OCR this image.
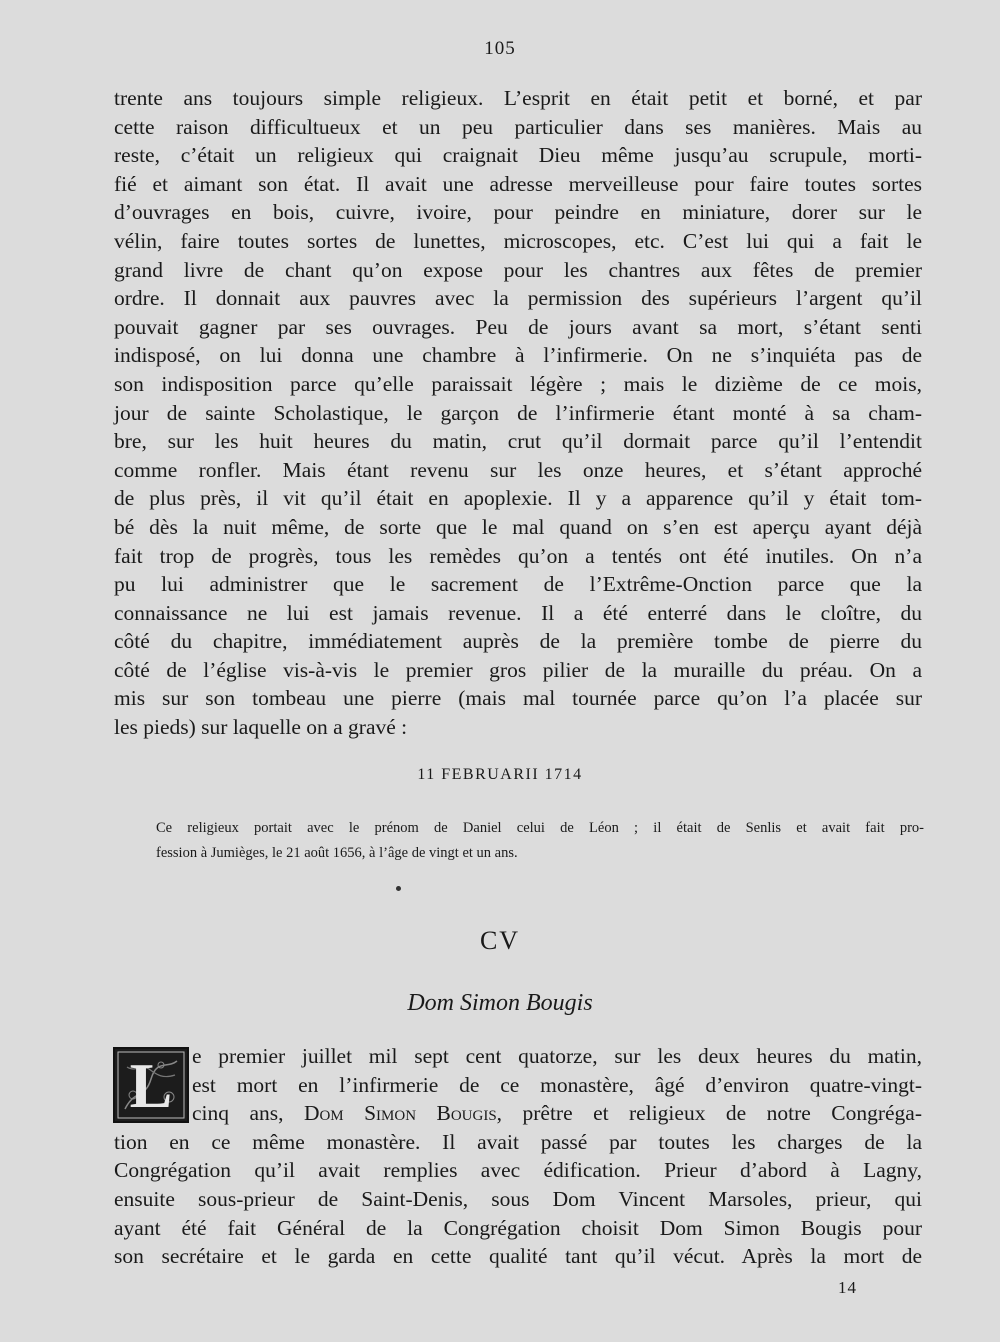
105
trente ans toujours simple religieux. L’esprit en était petit et borné, et par
cette raison difficultueux et un peu particulier dans ses manières. Mais au
reste, c’était un religieux qui craignait Dieu même jusqu’au scrupule, morti-
fié et aimant son état. Il avait une adresse merveilleuse pour faire toutes sortes
d’ouvrages en bois, cuivre, ivoire, pour peindre en miniature, dorer sur le
vélin, faire toutes sortes de lunettes, microscopes, etc. C’est lui qui a fait le
grand livre de chant qu’on expose pour les chantres aux fêtes de premier
ordre. Il donnait aux pauvres avec la permission des supérieurs l’argent qu’il
pouvait gagner par ses ouvrages. Peu de jours avant sa mort, s’étant senti
indisposé, on lui donna une chambre à l’infirmerie. On ne s’inquiéta pas de
son indisposition parce qu’elle paraissait légère ; mais le dizième de ce mois,
jour de sainte Scholastique, le garçon de l’infirmerie étant monté à sa cham-
bre, sur les huit heures du matin, crut qu’il dormait parce qu’il l’entendit
comme ronfler. Mais étant revenu sur les onze heures, et s’étant approché
de plus près, il vit qu’il était en apoplexie. Il y a apparence qu’il y était tom-
bé dès la nuit même, de sorte que le mal quand on s’en est aperçu ayant déjà
fait trop de progrès, tous les remèdes qu’on a tentés ont été inutiles. On n’a
pu lui administrer que le sacrement de l’Extrême-Onction parce que la
connaissance ne lui est jamais revenue. Il a été enterré dans le cloître, du
côté du chapitre, immédiatement auprès de la première tombe de pierre du
côté de l’église vis-à-vis le premier gros pilier de la muraille du préau. On a
mis sur son tombeau une pierre (mais mal tournée parce qu’on l’a placée sur
les pieds) sur laquelle on a gravé :
11 FEBRUARII 1714
Ce religieux portait avec le prénom de Daniel celui de Léon ; il était de Senlis et avait fait pro-
fession à Jumièges, le 21 août 1656, à l’âge de vingt et un ans.
CV
Dom Simon Bougis
L e premier juillet mil sept cent quatorze, sur les deux heures du matin,
est mort en l’infirmerie de ce monastère, âgé d’environ quatre-vingt-
cinq ans, Dom Simon Bougis, prêtre et religieux de notre Congréga-
tion en ce même monastère. Il avait passé par toutes les charges de la
Congrégation qu’il avait remplies avec édification. Prieur d’abord à Lagny,
ensuite sous-prieur de Saint-Denis, sous Dom Vincent Marsoles, prieur, qui
ayant été fait Général de la Congrégation choisit Dom Simon Bougis pour
son secrétaire et le garda en cette qualité tant qu’il vécut. Après la mort de
14
